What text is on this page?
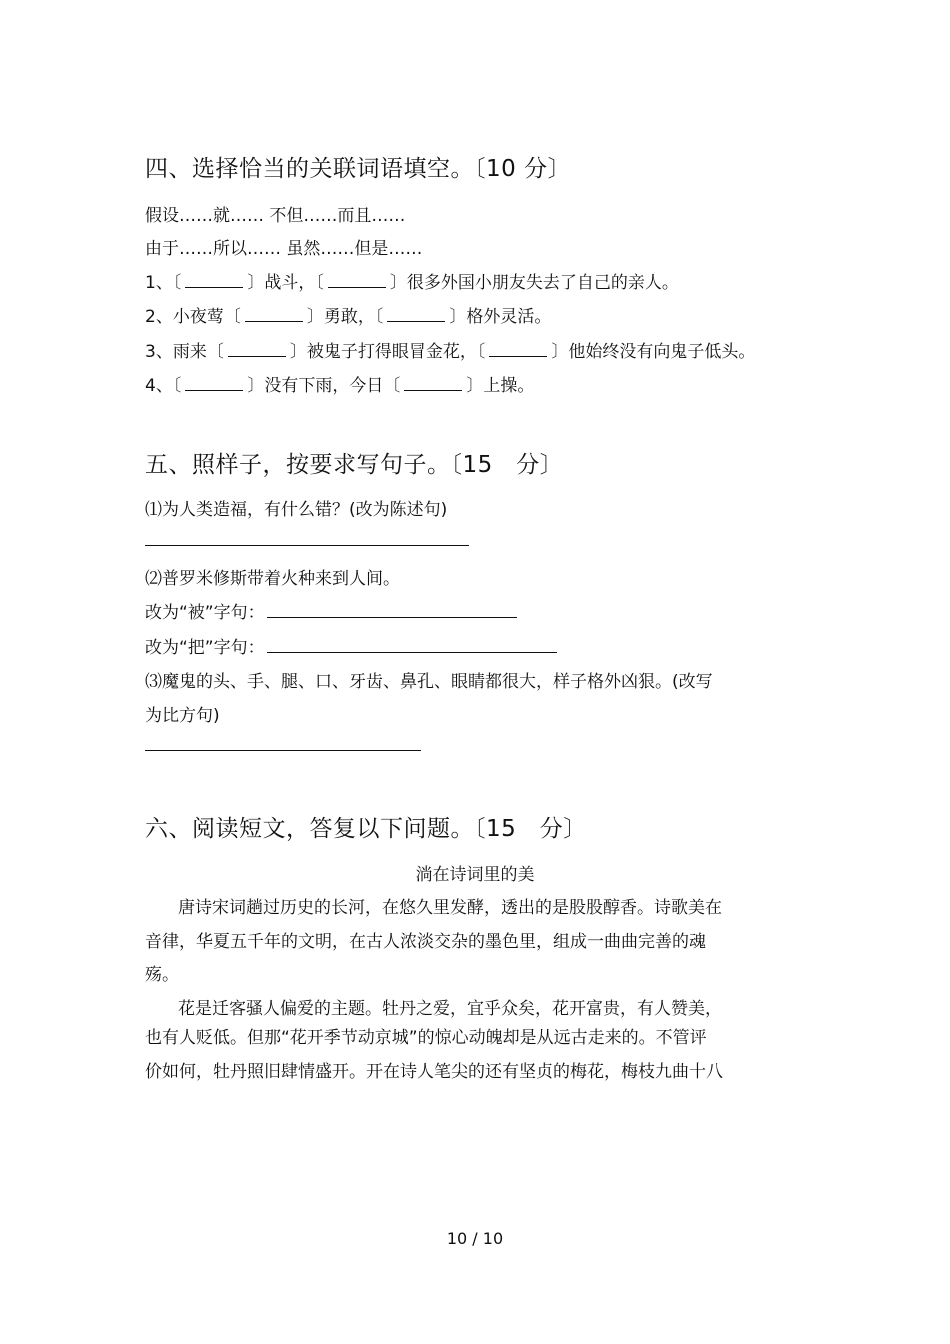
四、选择恰当的关联词语填空。〔10 分〕
假设……就…… 不但……而且……
由于……所以…… 虽然……但是……
1、〔	〕战斗，〔	〕很多外国小朋友失去了自己的亲人。
2、小夜莺〔	〕勇敢，〔	〕格外灵活。
3、雨来〔	〕被鬼子打得眼冒金花，〔	〕他始终没有向鬼子低头。
4、〔	〕没有下雨，今日〔	〕上操。
五、照样子，按要求写句子。〔15　分〕
⑴为人类造福，有什么错？(改为陈述句)
⑵普罗米修斯带着火种来到人间。
改为“被”字句：
改为“把”字句：
⑶魔鬼的头、手、腿、口、牙齿、鼻孔、眼睛都很大，样子格外凶狠。(改写
为比方句)
六、阅读短文，答复以下问题。〔15　分〕
淌在诗词里的美
唐诗宋词趟过历史的长河，在悠久里发酵，透出的是股股醇香。诗歌美在
音律，华夏五千年的文明，在古人浓淡交杂的墨色里，组成一曲曲完善的魂
殇。
花是迁客骚人偏爱的主题。牡丹之爱，宜乎众矣，花开富贵，有人赞美，
也有人贬低。但那“花开季节动京城”的惊心动魄却是从远古走来的。不管评
价如何，牡丹照旧肆情盛开。开在诗人笔尖的还有坚贞的梅花，梅枝九曲十八
10 / 10
